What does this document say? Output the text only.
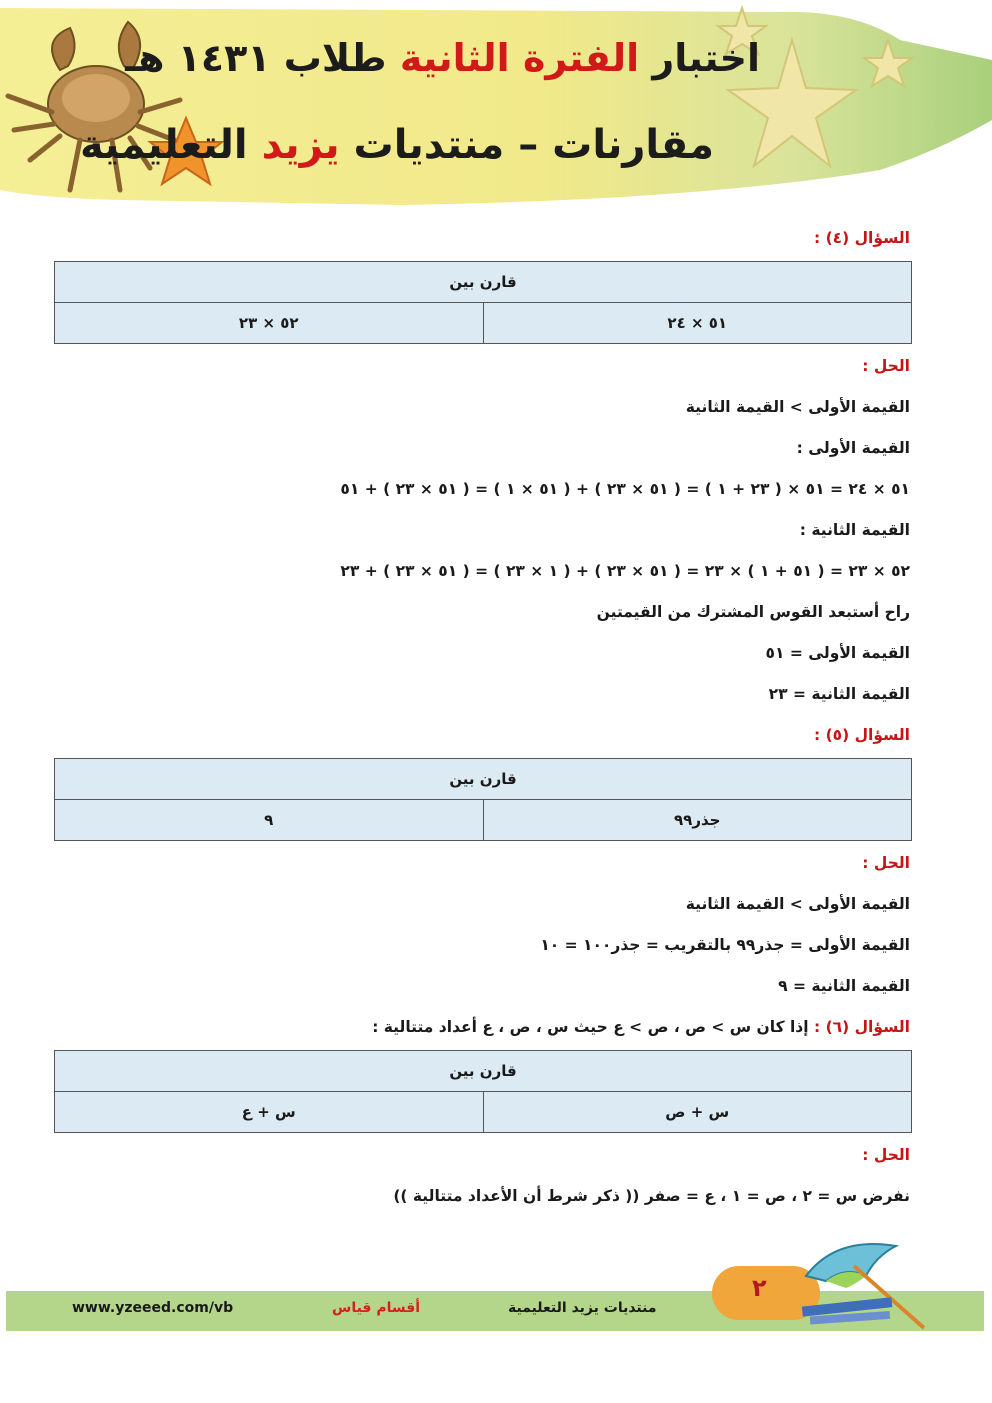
اختبار الفترة الثانية طلاب ١٤٣١ هـ
مقارنات – منتديات يزيد التعليمية
السؤال (٤) :
قارن بين
٥١ × ٢٤
٥٢ × ٢٣
الحل :
القيمة الأولى > القيمة الثانية
القيمة الأولى :
٥١ × ٢٤ = ٥١ × ( ٢٣ + ١ ) = ( ٥١ × ٢٣ ) + ( ٥١ × ١ ) = ( ٥١ × ٢٣ ) + ٥١
القيمة الثانية :
٥٢ × ٢٣ = ( ٥١ + ١ ) × ٢٣ = ( ٥١ × ٢٣ ) + ( ١ × ٢٣ ) = ( ٥١ × ٢٣ ) + ٢٣
راح أستبعد القوس المشترك من القيمتين
القيمة الأولى = ٥١
القيمة الثانية = ٢٣
السؤال (٥) :
قارن بين
جذر٩٩
٩
الحل :
القيمة الأولى > القيمة الثانية
القيمة الأولى = جذر٩٩ بالتقريب = جذر١٠٠ = ١٠
القيمة الثانية = ٩
السؤال (٦) : إذا كان س > ص ، ص > ع حيث س ، ص ، ع أعداد متتالية :
قارن بين
س + ص
س + ع
الحل :
نفرض س = ٢ ، ص = ١ ، ع = صفر (( ذكر شرط أن الأعداد متتالية ))
٢
www.yzeeed.com/vb	أقسام قياس	منتديات يزيد التعليمية
